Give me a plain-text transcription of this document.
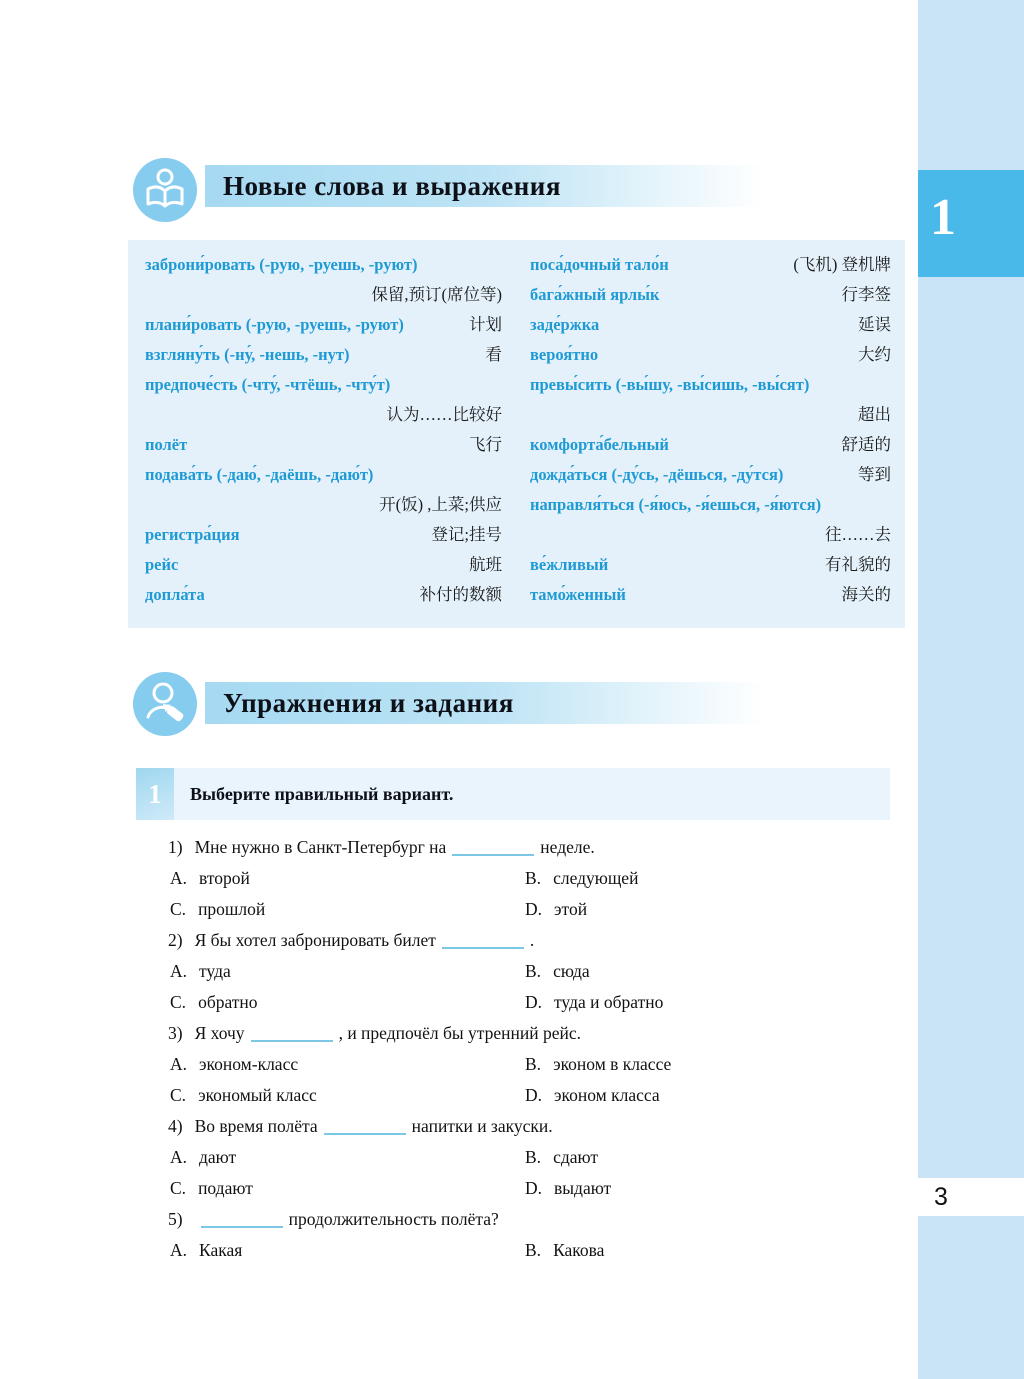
1
3
Новые слова и выражения
заброни́ровать (-рую, -руешь, -руют)
保留,预订(席位等)
плани́ровать (-рую, -руешь, -руют)	计划
взгляну́ть (-ну́, -нешь, -нут)	看
предпоче́сть (-чту́, -чтёшь, -чту́т)
认为……比较好
полёт	飞行
подава́ть (-даю́, -даёшь, -даю́т)
开(饭) ,上菜;供应
регистра́ция	登记;挂号
рейс	航班
допла́та	补付的数额
поса́дочный тало́н	(飞机) 登机牌
бага́жный ярлы́к	行李签
заде́ржка	延误
вероя́тно	大约
превы́сить (-вы́шу, -вы́сишь, -вы́сят)
超出
комфорта́бельный	舒适的
дожда́ться (-ду́сь, -дёшься, -ду́тся)	等到
направля́ться (-я́юсь, -я́ешься, -я́ются)
往……去
ве́жливый	有礼貌的
тамо́женный	海关的
Упражнения и задания
1	Выберите правильный вариант.
1) Мне нужно в Санкт-Петербург на	неделе.
A. второй	B. следующей
C. прошлой	D. этой
2) Я бы хотел забронировать билет	.
A. туда	B. сюда
C. обратно	D. туда и обратно
3) Я хочу	, и предпочёл бы утренний рейс.
A. эконом-класс	B. эконом в классе
C. экономый класс	D. эконом класса
4) Во время полёта	напитки и закуски.
A. дают	B. сдают
C. подают	D. выдают
5)	продолжительность полёта?
A. Какая	B. Какова
